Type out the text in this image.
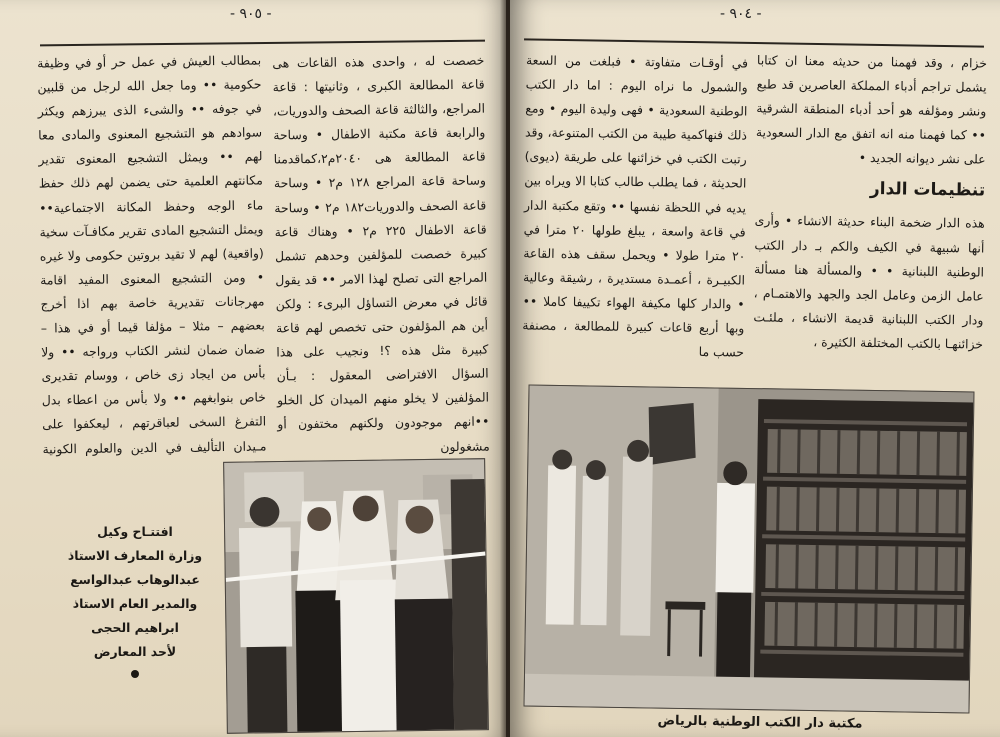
- ٩٠٥ -

خصصت له ، واحدى هذه القاعات هى قاعة المطالعة الكبرى ، وثانيتها : قاعة المراجع، والثالثة قاعة الصحف والدوريات، والرابعة قاعة مكتبة الاطفال • وساحة قاعة المطالعة هى ٢٠٤٠م٢،كماقدمنا وساحة قاعة المراجع ١٢٨ م٢ • وساحة قاعة الصحف والدوريات١٨٢ م٢ • وساحة قاعة الاطفال ٢٢٥ م٢ • وهناك قاعة كبيرة خصصت للمؤلفين وحدهم تشمل المراجع التى تصلح لهذا الامر •• قد يقول قائل في معرض التساؤل البرىء : ولكن أين هم المؤلفون حتى تخصص لهم قاعة كبيرة مثل هذه ؟! ونجيب على هذا السؤال الافتراضى المعقول : بـأن المؤلفين لا يخلو منهم الميدان كل الخلو ••انهم موجودون ولكنهم مختفون أو مشغولون

بمطالب العيش في عمل حر أو في وظيفة حكومية •• وما جعل الله لرجل من قلبين في جوفه •• والشىء الذى يبرزهم ويكثر سوادهم هو التشجيع المعنوى والمادى معا لهم •• ويمثل التشجيع المعنوى تقدير مكانتهم العلمية حتى يضمن لهم ذلك حفظ ماء الوجه وحفظ المكانة الاجتماعية•• ويمثل التشجيع المادى تقرير مكافـآت سخية (واقعية) لهم لا تقيد بروتين حكومى ولا غيره • ومن التشجيع المعنوى المفيد اقامة مهرجانات تقديرية خاصة بهم اذا أخرج بعضهم – مثلا – مؤلفا قيما أو في هذا –ضمان ضمان لنشر الكتاب ورواجه •• ولا بأس من ايجاد زى خاص ، ووسام تقديرى خاص بنوابغهم •• ولا بأس من اعطاء بدل التفرغ السخى لعباقرتهم ، ليعكفوا على مـيدان التأليف في الدين والعلوم الكونية

افتتـاح وكيل
وزارة المعارف الاستاذ
عبدالوهاب عبدالواسع
والمدير العام الاستاذ
ابراهيم الحجى
لأحد المعارض
- ٩٠٤ -

خزام ، وقد فهمنا من حديثه معنا ان كتابا يشمل تراجم أدباء المملكة العاصرين قد طبع ونشر ومؤلفه هو أحد أدباء المنطقة الشرقية •• كما فهمنا منه انه اتفق مع الدار السعودية على نشر ديوانه الجديد •

تنظيمات الدار

هذه الدار ضخمة البناء حديثة الانشاء • وأرى أنها شبيهة في الكيف والكم بـ دار الكتب الوطنية اللبنانية • • والمسألة هنا مسألة عامل الزمن وعامل الجد والجهد والاهتمـام ، ودار الكتب اللبنانية قديمة الانشاء ، ملئـت خزائنهـا بالكتب المختلفة الكثيرة ،

في أوقـات متفاوتة • فبلغت من السعة والشمول ما نراه اليوم : اما دار الكتب الوطنية السعودية • فهى وليدة اليوم • ومع ذلك فنهاكمية طيبة من الكتب المتنوعة، وقد رتبت الكتب في خزائنها على طريقة (ديوى) الحديثة ، فما يطلب طالب كتابا الا ويراه بين يديه في اللحظة نفسها •• وتقع مكتبة الدار في قاعة واسعة ، يبلغ طولها ٢٠ مترا في ٢٠ مترا طولا • ويحمل سقف هذه القاعة الكبيـرة ، أعمـدة مستديرة ، رشيقة وعالية • والدار كلها مكيفة الهواء تكييفا كاملا •• وبها أربع قاعات كبيرة للمطالعة ، مصنفة حسب ما

مكتبة دار الكتب الوطنية بالرياض
